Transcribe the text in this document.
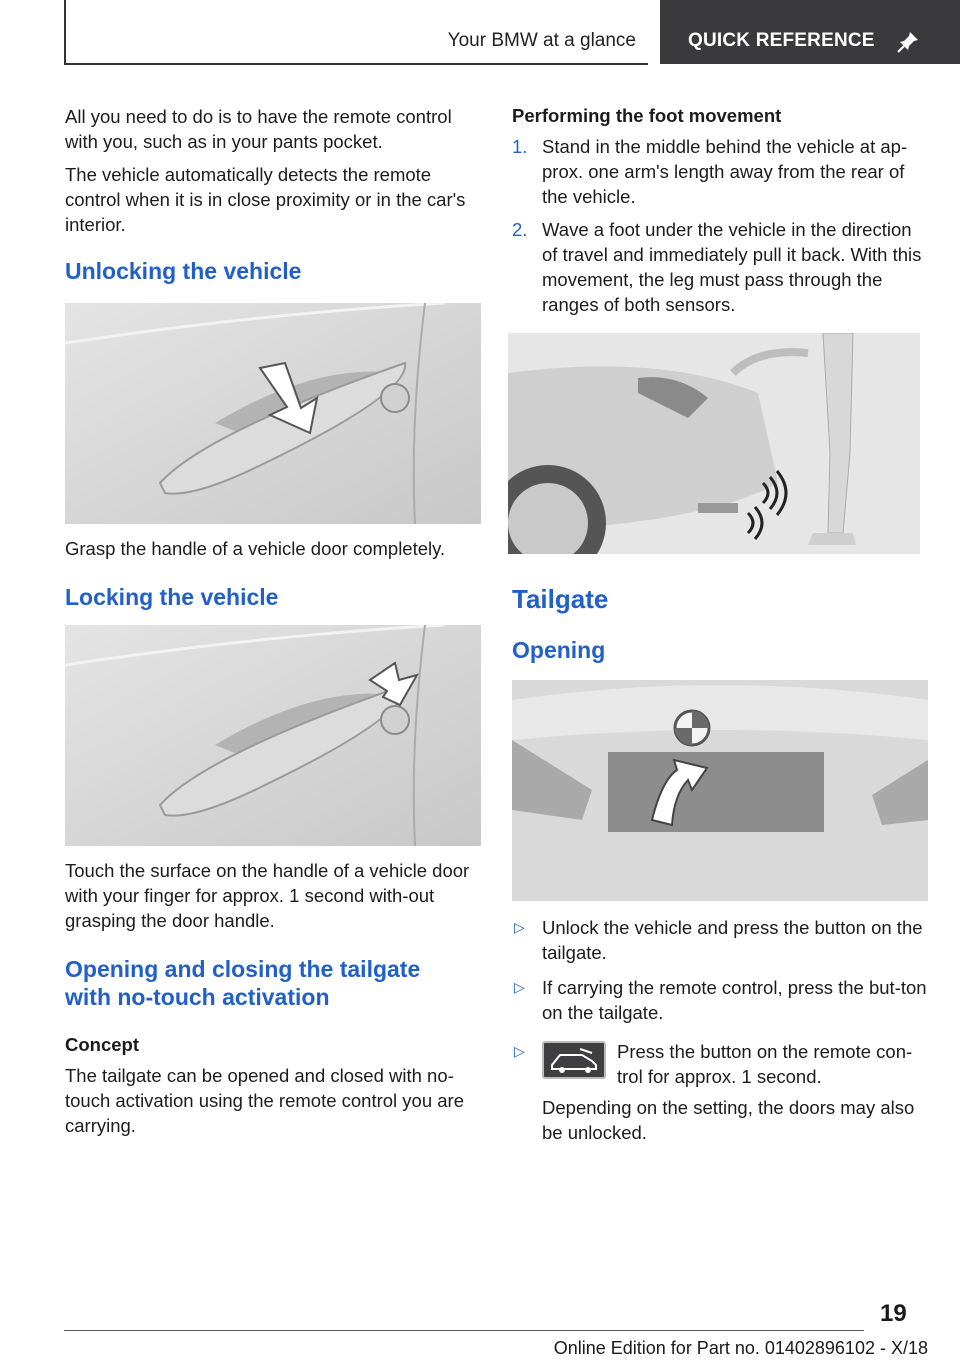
Your BMW at a glance	QUICK REFERENCE

All you need to do is to have the remote control with you, such as in your pants pocket.

The vehicle automatically detects the remote control when it is in close proximity or in the car's interior.

Unlocking the vehicle

Grasp the handle of a vehicle door completely.

Locking the vehicle

Touch the surface on the handle of a vehicle door with your finger for approx. 1 second with-out grasping the door handle.

Opening and closing the tailgate
with no-touch activation
Concept

The tailgate can be opened and closed with no-touch activation using the remote control you are carrying.

Performing the foot movement
1. Stand in the middle behind the vehicle at ap-prox. one arm's length away from the rear of the vehicle.
2. Wave a foot under the vehicle in the direction of travel and immediately pull it back. With this movement, the leg must pass through the ranges of both sensors.
Tailgate
Opening
▷ Unlock the vehicle and press the button on the tailgate.
▷ If carrying the remote control, press the but-ton on the tailgate.
▷	Press the button on the remote con-trol for approx. 1 second.

Depending on the setting, the doors may also be unlocked.

19
Online Edition for Part no. 01402896102 - X/18
